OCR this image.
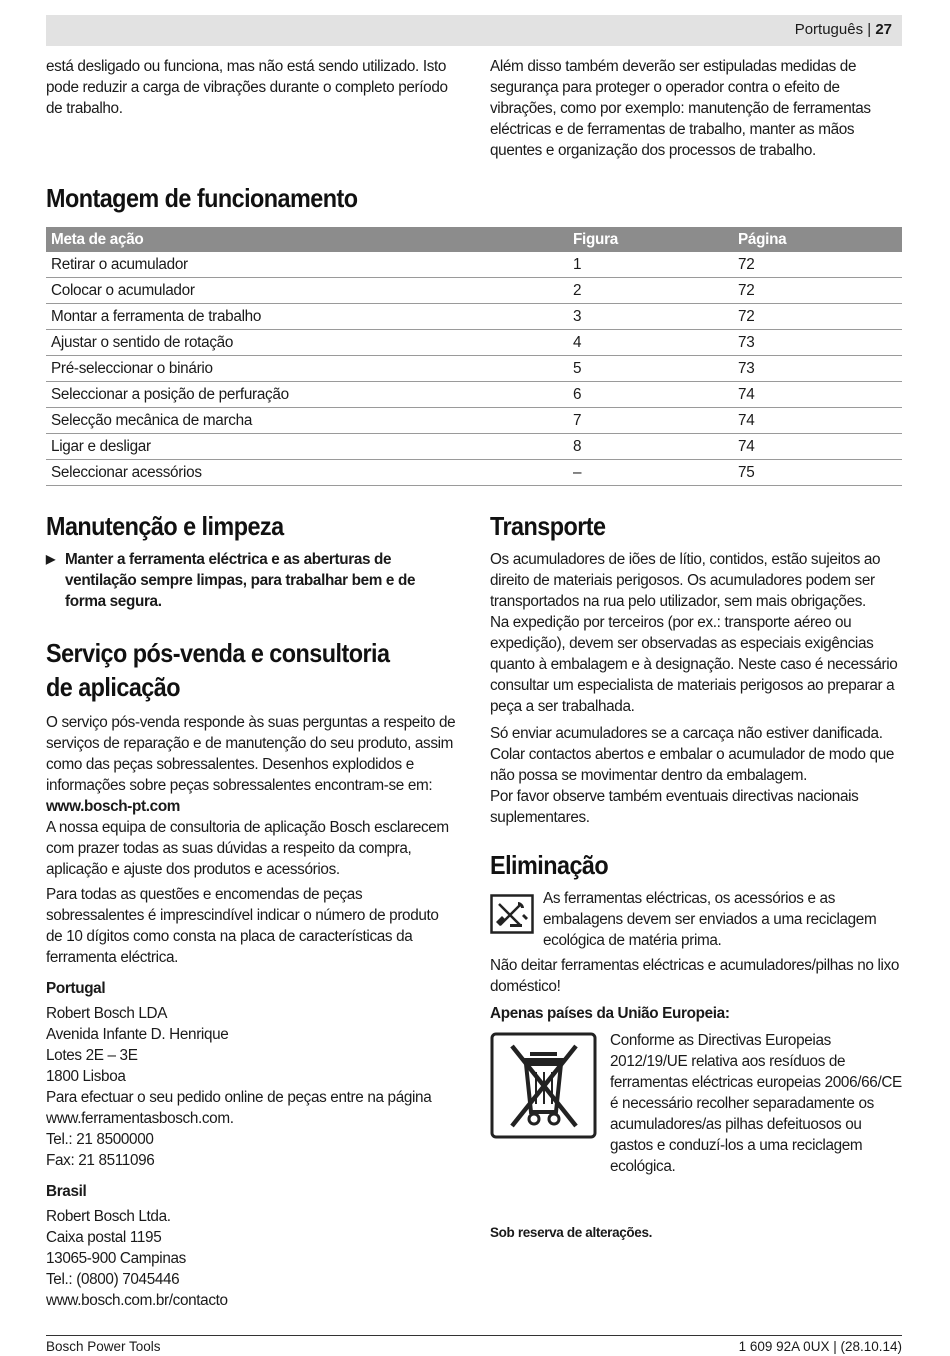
Português | 27

está desligado ou funciona, mas não está sendo utilizado. Isto pode reduzir a carga de vibrações durante o completo período de trabalho.

Além disso também deverão ser estipuladas medidas de segurança para proteger o operador contra o efeito de vibrações, como por exemplo: manutenção de ferramentas eléctricas e de ferramentas de trabalho, manter as mãos quentes e organização dos processos de trabalho.

Montagem de funcionamento
Meta de ação	Figura	Página
Retirar o acumulador	1	72
Colocar o acumulador	2	72
Montar a ferramenta de trabalho	3	72
Ajustar o sentido de rotação	4	73
Pré-seleccionar o binário	5	73
Seleccionar a posição de perfuração	6	74
Selecção mecânica de marcha	7	74
Ligar e desligar	8	74
Seleccionar acessórios	–	75
Manutenção e limpeza
▶ Manter a ferramenta eléctrica e as aberturas de ventilação sempre limpas, para trabalhar bem e de forma segura.
Serviço pós-venda e consultoria de aplicação

O serviço pós-venda responde às suas perguntas a respeito de serviços de reparação e de manutenção do seu produto, assim como das peças sobressalentes. Desenhos explodidos e informações sobre peças sobressalentes encontram-se em:

www.bosch-pt.com

A nossa equipa de consultoria de aplicação Bosch esclarecem com prazer todas as suas dúvidas a respeito da compra, aplicação e ajuste dos produtos e acessórios.

Para todas as questões e encomendas de peças sobressalentes é imprescindível indicar o número de produto de 10 dígitos como consta na placa de características da ferramenta eléctrica.

Portugal

Robert Bosch LDA

Avenida Infante D. Henrique

Lotes 2E – 3E

1800 Lisboa

Para efectuar o seu pedido online de peças entre na página www.ferramentasbosch.com.

Tel.: 21 8500000

Fax: 21 8511096

Brasil

Robert Bosch Ltda.

Caixa postal 1195

13065-900 Campinas

Tel.: (0800) 7045446

www.bosch.com.br/contacto

Transporte

Os acumuladores de iões de lítio, contidos, estão sujeitos ao direito de materiais perigosos. Os acumuladores podem ser transportados na rua pelo utilizador, sem mais obrigações.

Na expedição por terceiros (por ex.: transporte aéreo ou expedição), devem ser observadas as especiais exigências quanto à embalagem e à designação. Neste caso é necessário consultar um especialista de materiais perigosos ao preparar a peça a ser trabalhada.

Só enviar acumuladores se a carcaça não estiver danificada. Colar contactos abertos e embalar o acumulador de modo que não possa se movimentar dentro da embalagem.

Por favor observe também eventuais directivas nacionais suplementares.

Eliminação

As ferramentas eléctricas, os acessórios e as embalagens devem ser enviados a uma reciclagem ecológica de matéria prima.

Não deitar ferramentas eléctricas e acumuladores/pilhas no lixo doméstico!

Apenas países da União Europeia:

Conforme as Directivas Europeias 2012/19/UE relativa aos resíduos de ferramentas eléctricas europeias 2006/66/CE é necessário recolher separadamente os acumuladores/as pilhas defeituosos ou gastos e conduzí-los a uma reciclagem ecológica.

Sob reserva de alterações.

Bosch Power Tools	1 609 92A 0UX | (28.10.14)
